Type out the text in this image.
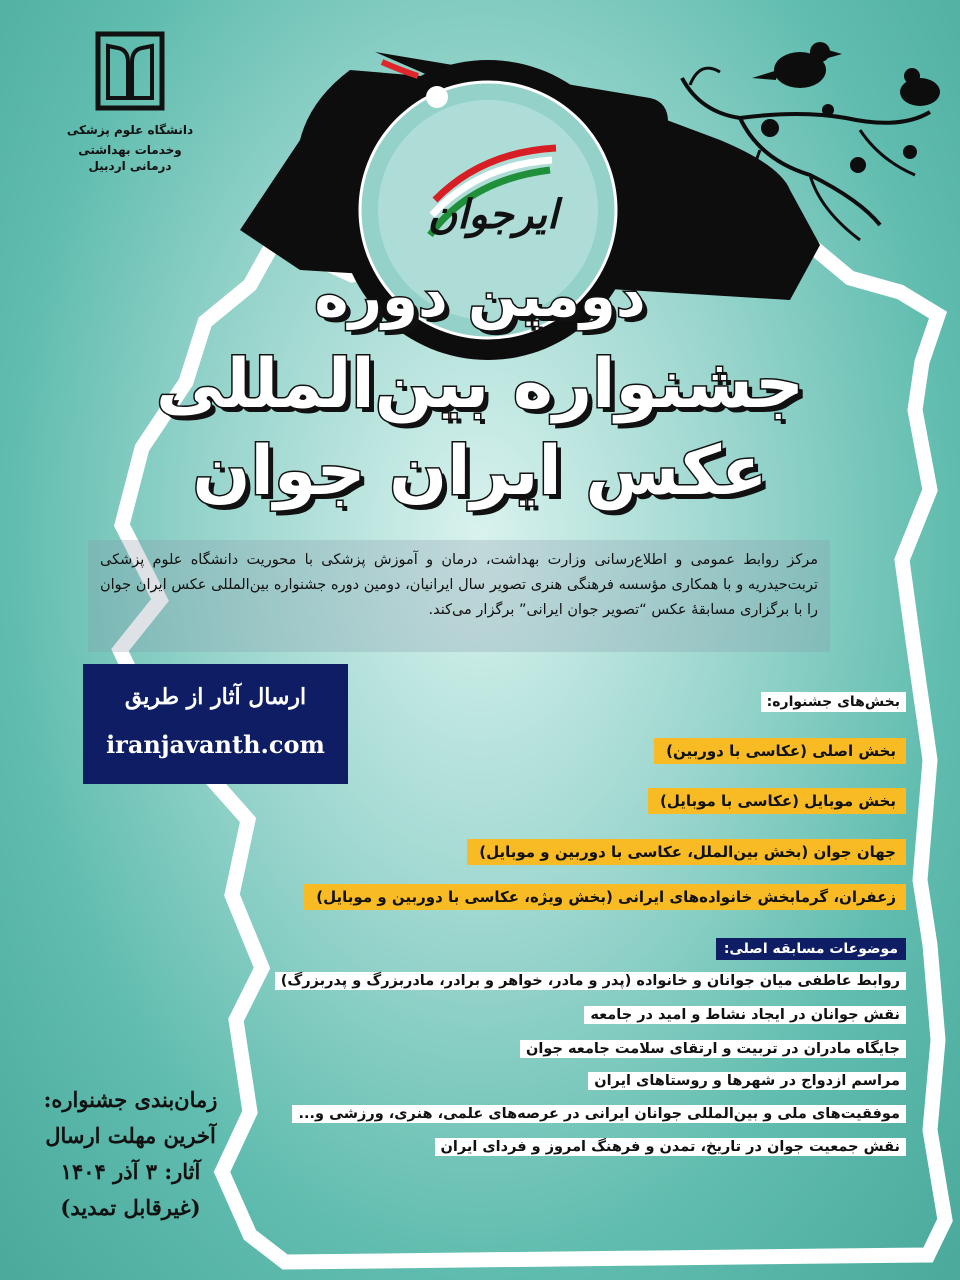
دانشگاه علوم پزشکی
وخدمات بهداشتی درمانی اردبیل
ایرجوان
دومین دوره
جشنواره بین‌المللی
عکس ایران جوان
مرکز روابط عمومی و اطلاع‌رسانی وزارت بهداشت، درمان و آموزش پزشکی با محوریت دانشگاه علوم پزشکی تربت‌حیدریه و با همکاری مؤسسه فرهنگی هنری تصویر سال ایرانیان، دومین دوره جشنواره بین‌المللی عکس ایران جوان را با برگزاری مسابقهٔ عکس “تصویر جوان ایرانی” برگزار می‌کند.
ارسال آثار از طریق
iranjavanth.com
بخش‌های جشنواره:
بخش اصلی (عکاسی با دوربین)
بخش موبایل (عکاسی با موبایل)
جهان جوان (بخش بین‌الملل، عکاسی با دوربین و موبایل)
زعفران، گرمابخش خانواده‌های ایرانی (بخش ویژه، عکاسی با دوربین و موبایل)
موضوعات مسابقه اصلی:
روابط عاطفی میان جوانان و خانواده (پدر و مادر، خواهر و برادر، مادربزرگ و پدربزرگ)
نقش جوانان در ایجاد نشاط و امید در جامعه
جایگاه مادران در تربیت و ارتقای سلامت جامعه جوان
مراسم ازدواج در شهرها و روستاهای ایران
موفقیت‌های ملی و بین‌المللی جوانان ایرانی در عرصه‌های علمی، هنری، ورزشی و...
نقش جمعیت جوان در تاریخ، تمدن و فرهنگ امروز و فردای ایران
زمان‌بندی جشنواره:
آخرین مهلت ارسال
آثار: ۳ آذر ۱۴۰۴
(غیرقابل تمدید)
